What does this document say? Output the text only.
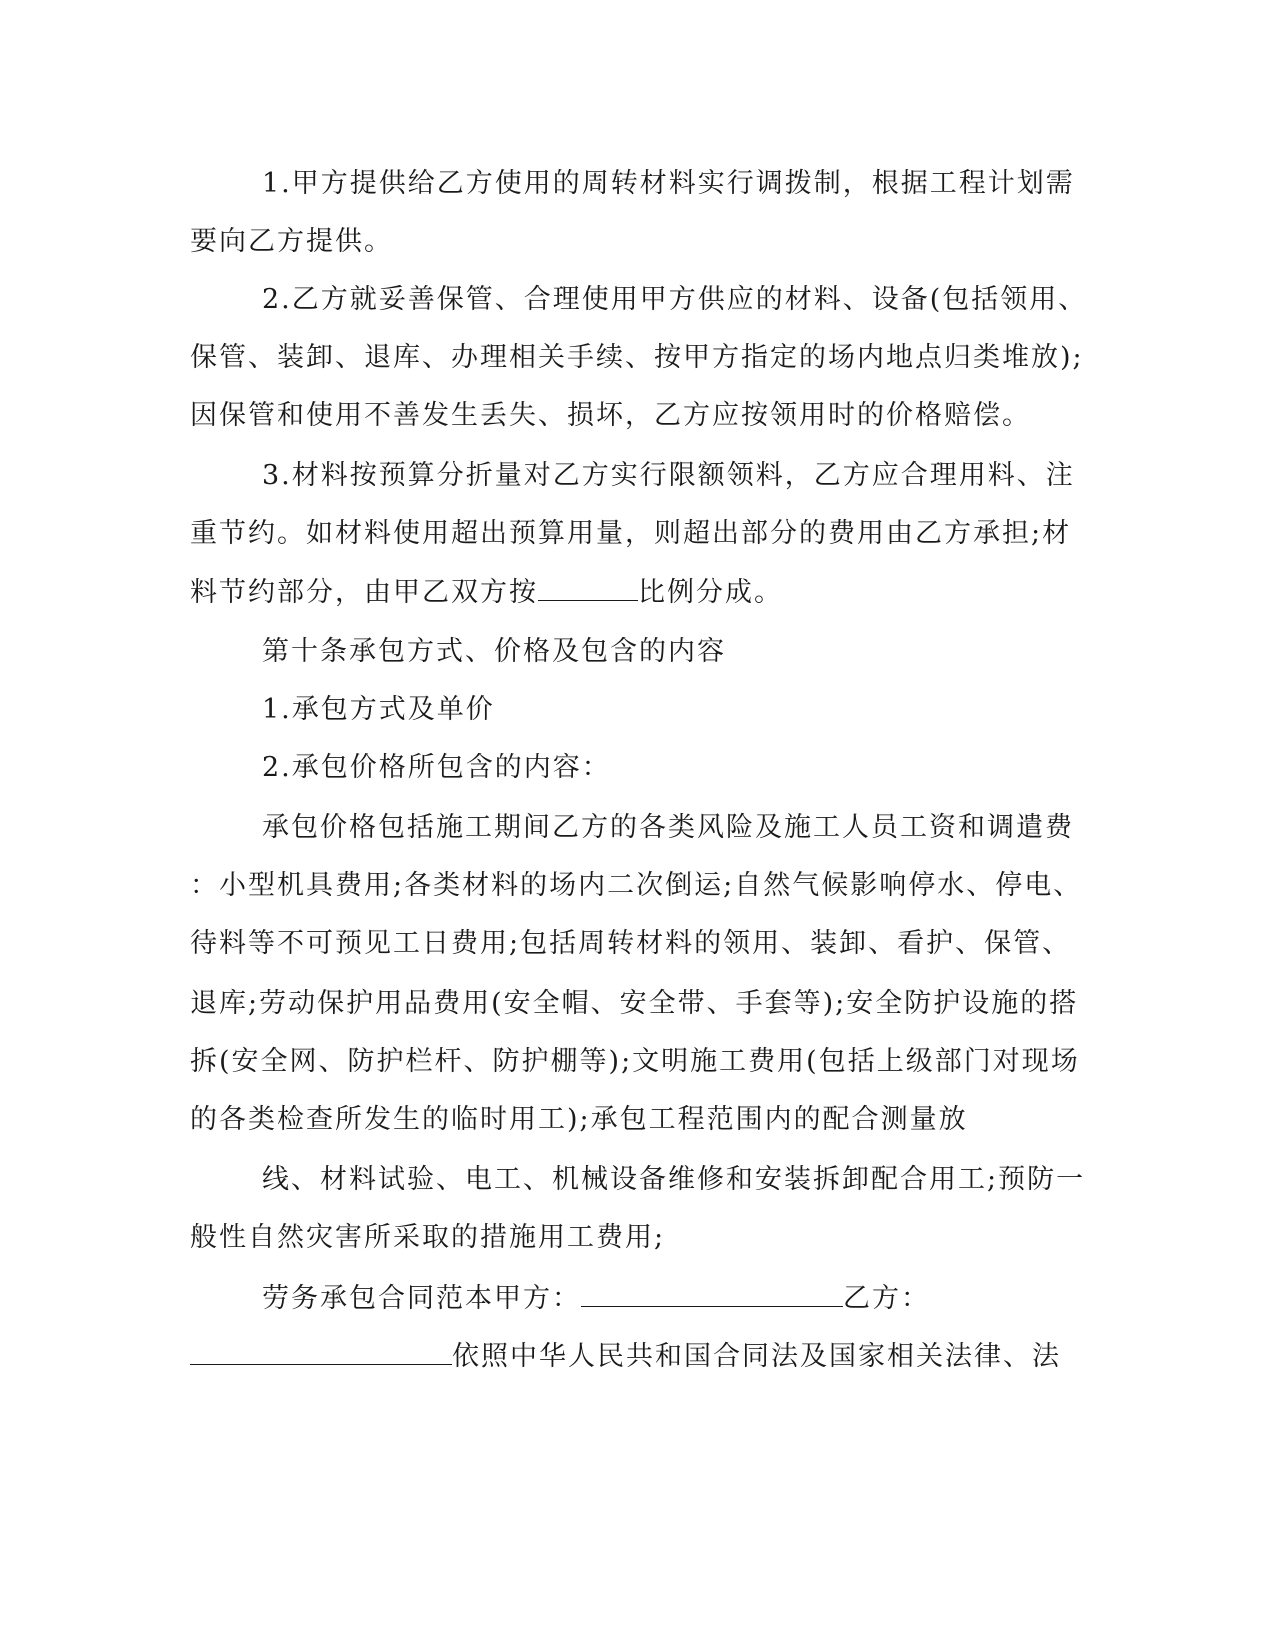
1.甲方提供给乙方使用的周转材料实行调拨制，根据工程计划需
要向乙方提供。
2.乙方就妥善保管、合理使用甲方供应的材料、设备(包括领用、
保管、装卸、退库、办理相关手续、按甲方指定的场内地点归类堆放);
因保管和使用不善发生丢失、损坏，乙方应按领用时的价格赔偿。
3.材料按预算分折量对乙方实行限额领料，乙方应合理用料、注
重节约。如材料使用超出预算用量，则超出部分的费用由乙方承担;材
料节约部分，由甲乙双方按	比例分成。
第十条承包方式、价格及包含的内容
1.承包方式及单价
2.承包价格所包含的内容：
承包价格包括施工期间乙方的各类风险及施工人员工资和调遣费
：小型机具费用;各类材料的场内二次倒运;自然气候影响停水、停电、
待料等不可预见工日费用;包括周转材料的领用、装卸、看护、保管、
退库;劳动保护用品费用(安全帽、安全带、手套等);安全防护设施的搭
拆(安全网、防护栏杆、防护棚等);文明施工费用(包括上级部门对现场
的各类检查所发生的临时用工);承包工程范围内的配合测量放
线、材料试验、电工、机械设备维修和安装拆卸配合用工;预防一
般性自然灾害所采取的措施用工费用;
劳务承包合同范本甲方：	乙方：
依照中华人民共和国合同法及国家相关法律、法
